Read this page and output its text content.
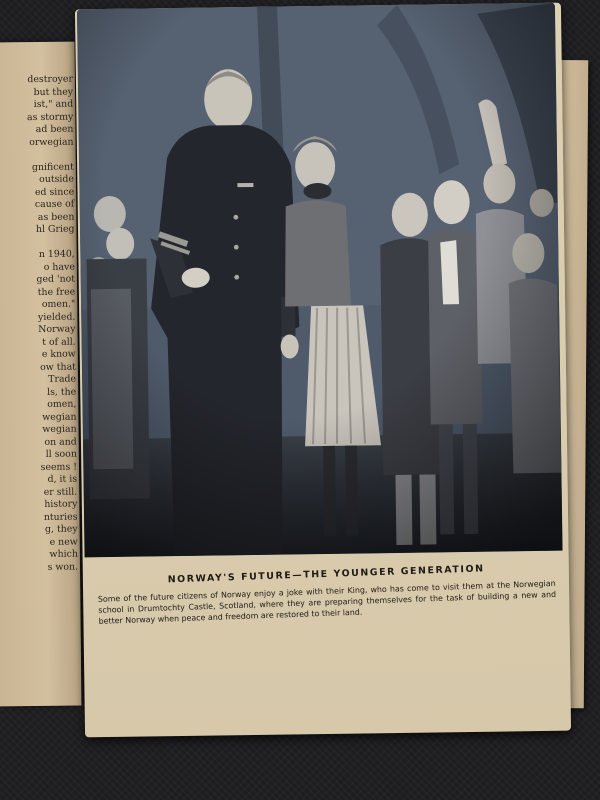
destroyer
but they
ist," and
as stormy
ad been
orwegian
gnificent
outside
ed since
cause of
as been
hl Grieg
n 1940,
o have
ged 'not
the free
omen."
yielded.
Norway
t of all.
e know
ow that
Trade
ls, the
omen,
wegian
wegian
on and
ll soon
seems !
d, it is
er still.
history
nturies
g, they
e new
which
s won.	NORWAY'S FUTURE—THE YOUNGER GENERATION
Some of the future citizens of Norway enjoy a joke with their King, who has come to visit them at the Norwegian school in Drumtochty Castle, Scotland, where they are preparing themselves for the task of building a new and better Norway when peace and freedom are restored to their land.
